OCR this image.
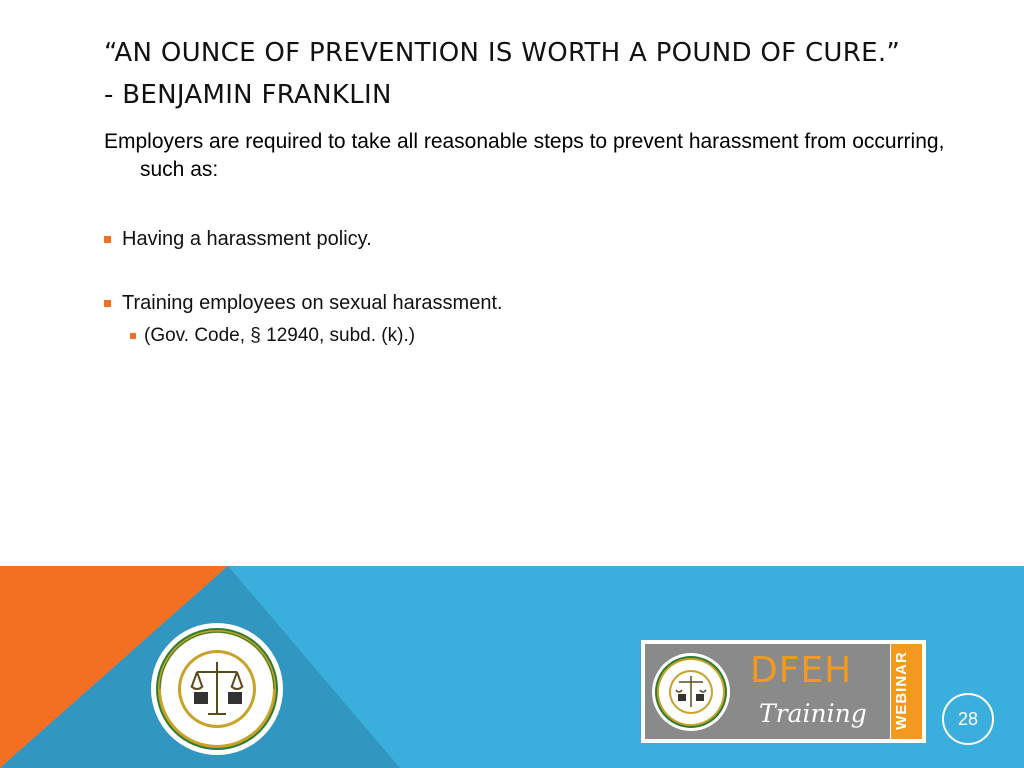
“AN OUNCE OF PREVENTION IS WORTH A POUND OF CURE.” - BENJAMIN FRANKLIN
Employers are required to take all reasonable steps to prevent harassment from occurring, such as:
Having a harassment policy.
Training employees on sexual harassment.
(Gov. Code, § 12940, subd. (k).)
DFEH
Training WEBINAR	28
